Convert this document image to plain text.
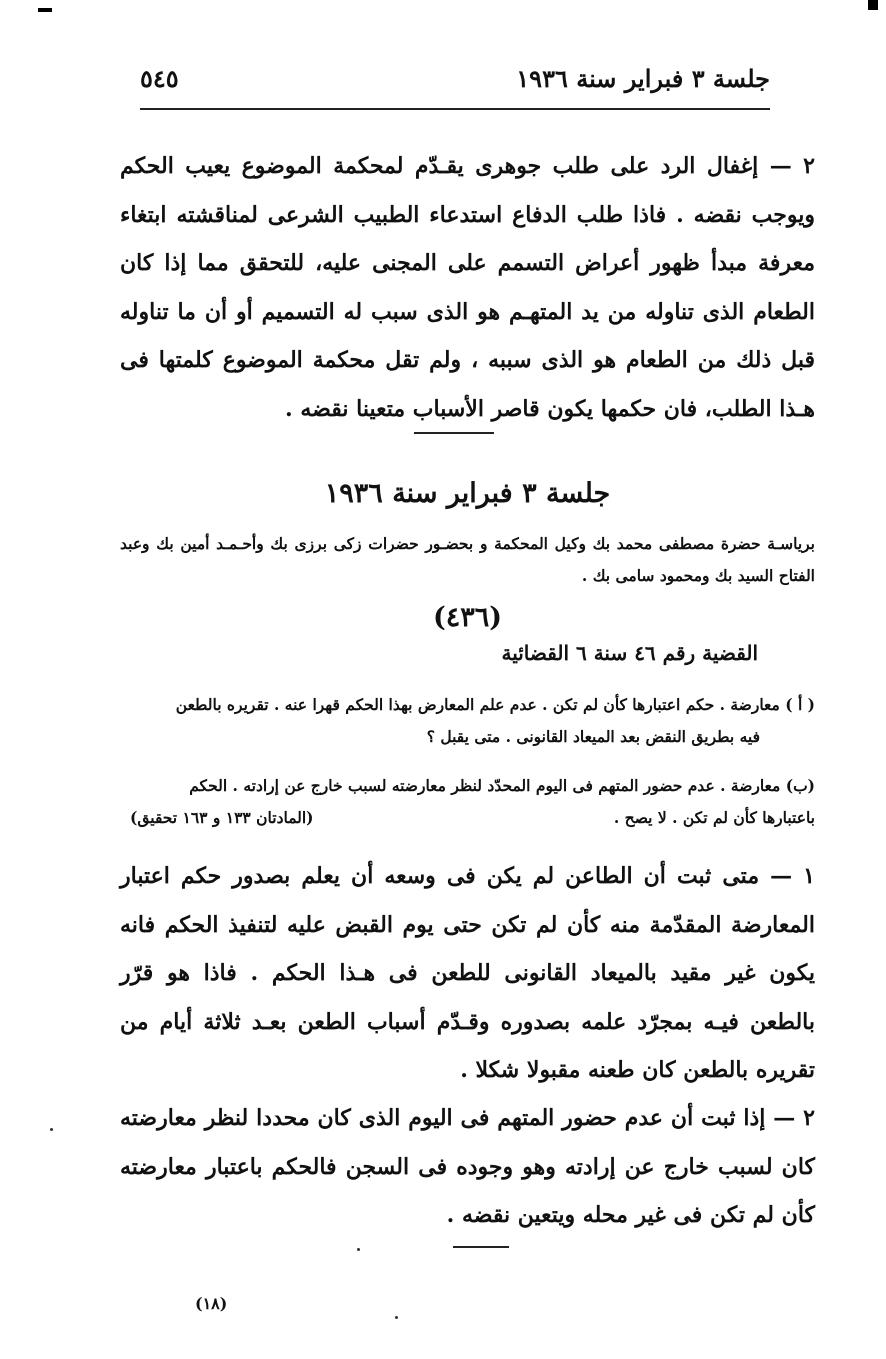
جلسة ٣ فبراير سنة ١٩٣٦
٥٤٥
٢ — إغفال الرد على طلب جوهرى يقـدّم لمحكمة الموضوع يعيب الحكم ويوجب نقضه . فاذا طلب الدفاع استدعاء الطبيب الشرعى لمناقشته ابتغاء معرفة مبدأ ظهور أعراض التسمم على المجنى عليه، للتحقق مما إذا كان الطعام الذى تناوله من يد المتهـم هو الذى سبب له التسميم أو أن ما تناوله قبل ذلك من الطعام هو الذى سببه ، ولم تقل محكمة الموضوع كلمتها فى هـذا الطلب، فان حكمها يكون قاصر الأسباب متعينا نقضه .
جلسة ٣ فبراير سنة ١٩٣٦
برياسـة حضرة مصطفى محمد بك وكيل المحكمة و بحضـور حضرات زكى برزى بك وأحـمـد أمين بك وعبد الفتاح السيد بك ومحمود سامى بك .
(٤٣٦)
القضية رقم ٤٦ سنة ٦ القضائية
( أ ) معارضة . حكم اعتبارها كأن لم تكن . عدم علم المعارض بهذا الحكم قهرا عنه . تقريره بالطعن
فيه بطريق النقض بعد الميعاد القانونى . متى يقبل ؟
(ب) معارضة . عدم حضور المتهم فى اليوم المحدّد لنظر معارضته لسبب خارج عن إرادته . الحكم
باعتبارها كأن لم تكن . لا يصح .
(المادتان ١٣٣ و ١٦٣ تحقيق)
١ — متى ثبت أن الطاعن لم يكن فى وسعه أن يعلم بصدور حكم اعتبار المعارضة المقدّمة منه كأن لم تكن حتى يوم القبض عليه لتنفيذ الحكم فانه يكون غير مقيد بالميعاد القانونى للطعن فى هـذا الحكم . فاذا هو قرّر بالطعن فيـه بمجرّد علمه بصدوره وقـدّم أسباب الطعن بعـد ثلاثة أيام من تقريره بالطعن كان طعنه مقبولا شكلا .
٢ — إذا ثبت أن عدم حضور المتهم فى اليوم الذى كان محددا لنظر معارضته كان لسبب خارج عن إرادته وهو وجوده فى السجن فالحكم باعتبار معارضته كأن لم تكن فى غير محله ويتعين نقضه .
(١٨)
